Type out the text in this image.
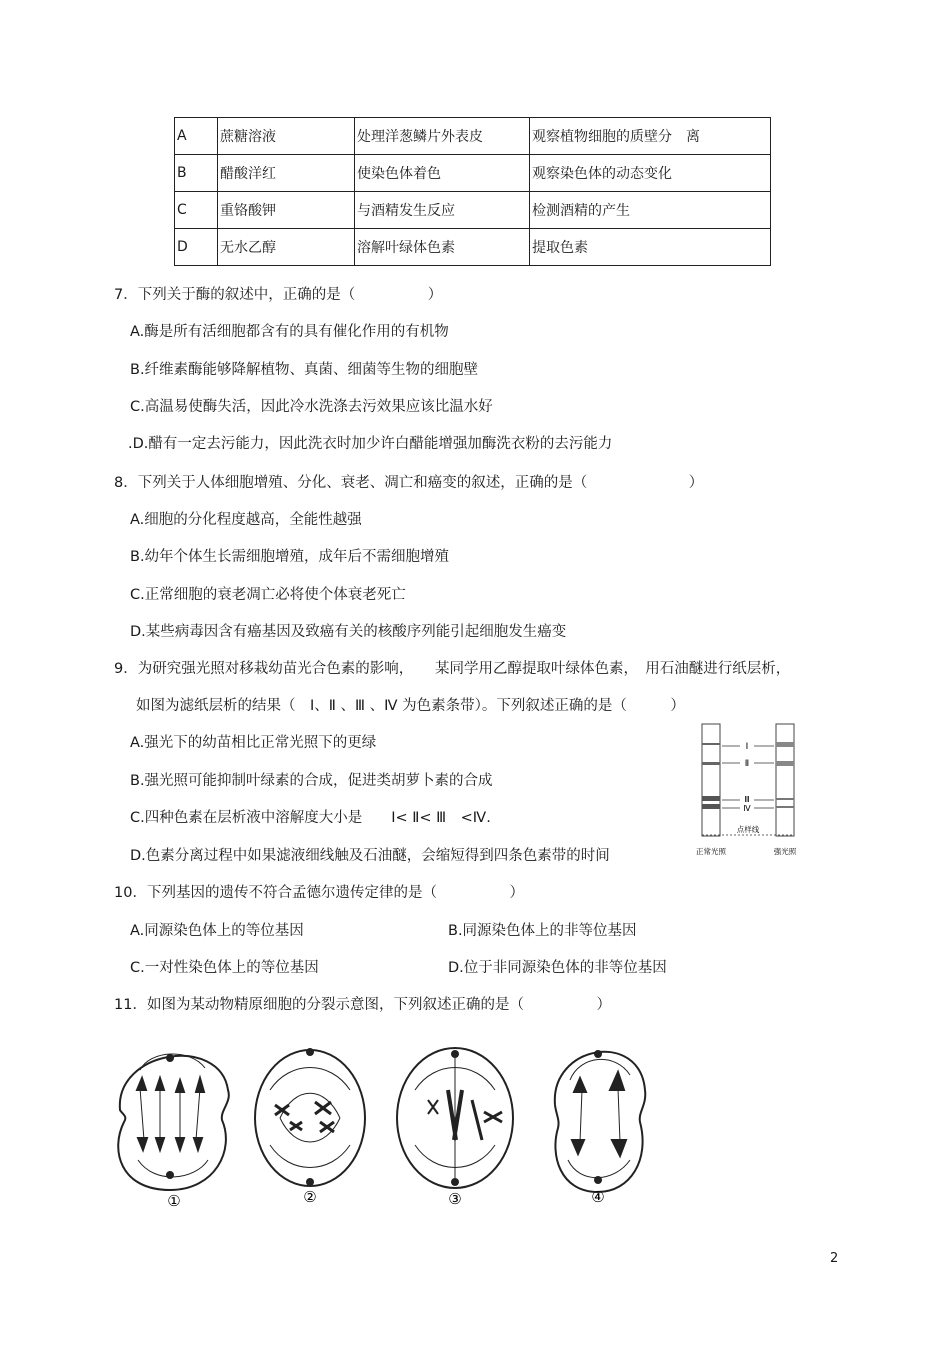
A	蔗糖溶液	处理洋葱鳞片外表皮	观察植物细胞的质壁分 离
B	醋酸洋红	使染色体着色	观察染色体的动态变化
C	重铬酸钾	与酒精发生反应	检测酒精的产生
D	无水乙醇	溶解叶绿体色素	提取色素
7．下列关于酶的叙述中，正确的是（　　　　　）
A.酶是所有活细胞都含有的具有催化作用的有机物
B.纤维素酶能够降解植物、真菌、细菌等生物的细胞壁
C.高温易使酶失活，因此冷水洗涤去污效果应该比温水好
.D.醋有一定去污能力，因此洗衣时加少许白醋能增强加酶洗衣粉的去污能力
8．下列关于人体细胞增殖、分化、衰老、凋亡和癌变的叙述，正确的是（　　　　　　　）
A.细胞的分化程度越高，全能性越强
B.幼年个体生长需细胞增殖，成年后不需细胞增殖
C.正常细胞的衰老凋亡必将使个体衰老死亡
D.某些病毒因含有癌基因及致癌有关的核酸序列能引起细胞发生癌变
9．为研究强光照对移栽幼苗光合色素的影响，　　某同学用乙醇提取叶绿体色素，　用石油醚进行纸层析，
如图为滤纸层析的结果（　Ⅰ、Ⅱ 、Ⅲ 、Ⅳ 为色素条带）。下列叙述正确的是（　　　）
A.强光下的幼苗相比正常光照下的更绿
B.强光照可能抑制叶绿素的合成，促进类胡萝卜素的合成
C.四种色素在层析液中溶解度大小是　　Ⅰ< Ⅱ< Ⅲ　<Ⅳ.
D.色素分离过程中如果滤液细线触及石油醚，会缩短得到四条色素带的时间
Ⅰ
Ⅱ
Ⅲ
Ⅳ
点样线
正常光照	强光照
10．下列基因的遗传不符合孟德尔遗传定律的是（　　　　　）
A.同源染色体上的等位基因	B.同源染色体上的非等位基因
C.一对性染色体上的等位基因	D.位于非同源染色体的非等位基因
11．如图为某动物精原细胞的分裂示意图，下列叙述正确的是（　　　　　）
①	②	③	④
2
